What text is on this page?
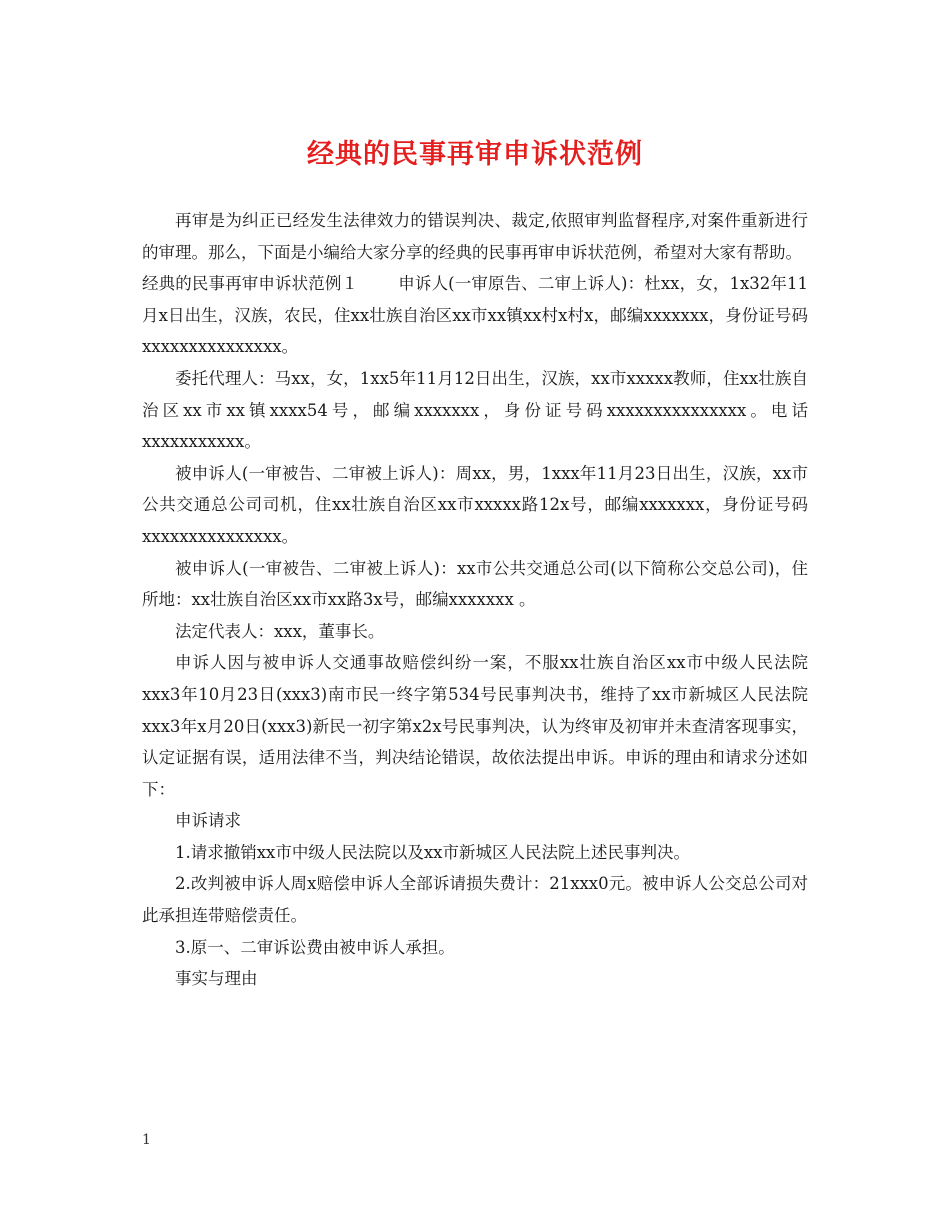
经典的民事再审申诉状范例

再审是为纠正已经发生法律效力的错误判决、裁定,依照审判监督程序,对案件重新进行的审理。那么，下面是小编给大家分享的经典的民事再审申诉状范例，希望对大家有帮助。

经典的民事再审申诉状范例１ 申诉人(一审原告、二审上诉人)：杜xx，女，1x32年11月x日出生，汉族，农民，住xx壮族自治区xx市xx镇xx村x村x，邮编xxxxxxx，身份证号码 xxxxxxxxxxxxxxx。

委托代理人：马xx，女，1xx5年11月12日出生，汉族，xx市xxxxx教师，住xx壮族自治区xx市xx镇xxxx54号，邮编xxxxxxx，身份证号码xxxxxxxxxxxxxxx。电话 xxxxxxxxxxx。

被申诉人(一审被告、二审被上诉人)：周xx，男，1xxx年11月23日出生，汉族，xx市公共交通总公司司机，住xx壮族自治区xx市xxxxx路12x号，邮编xxxxxxx，身份证号码 xxxxxxxxxxxxxxx。

被申诉人(一审被告、二审被上诉人)：xx市公共交通总公司(以下简称公交总公司)，住所地：xx壮族自治区xx市xx路3x号，邮编xxxxxxx 。

法定代表人：xxx，董事长。

申诉人因与被申诉人交通事故赔偿纠纷一案，不服xx壮族自治区xx市中级人民法院xxx3年10月23日(xxx3)南市民一终字第534号民事判决书，维持了xx市新城区人民法院xxx3年x月20日(xxx3)新民一初字第x2x号民事判决，认为终审及初审并未查清客现事实，认定证据有误，适用法律不当，判决结论错误，故依法提出申诉。申诉的理由和请求分述如下：

申诉请求

1.请求撤销xx市中级人民法院以及xx市新城区人民法院上述民事判决。

2.改判被申诉人周x赔偿申诉人全部诉请损失费计：21xxx0元。被申诉人公交总公司对此承担连带赔偿责任。

3.原一、二审诉讼费由被申诉人承担。

事实与理由

1
